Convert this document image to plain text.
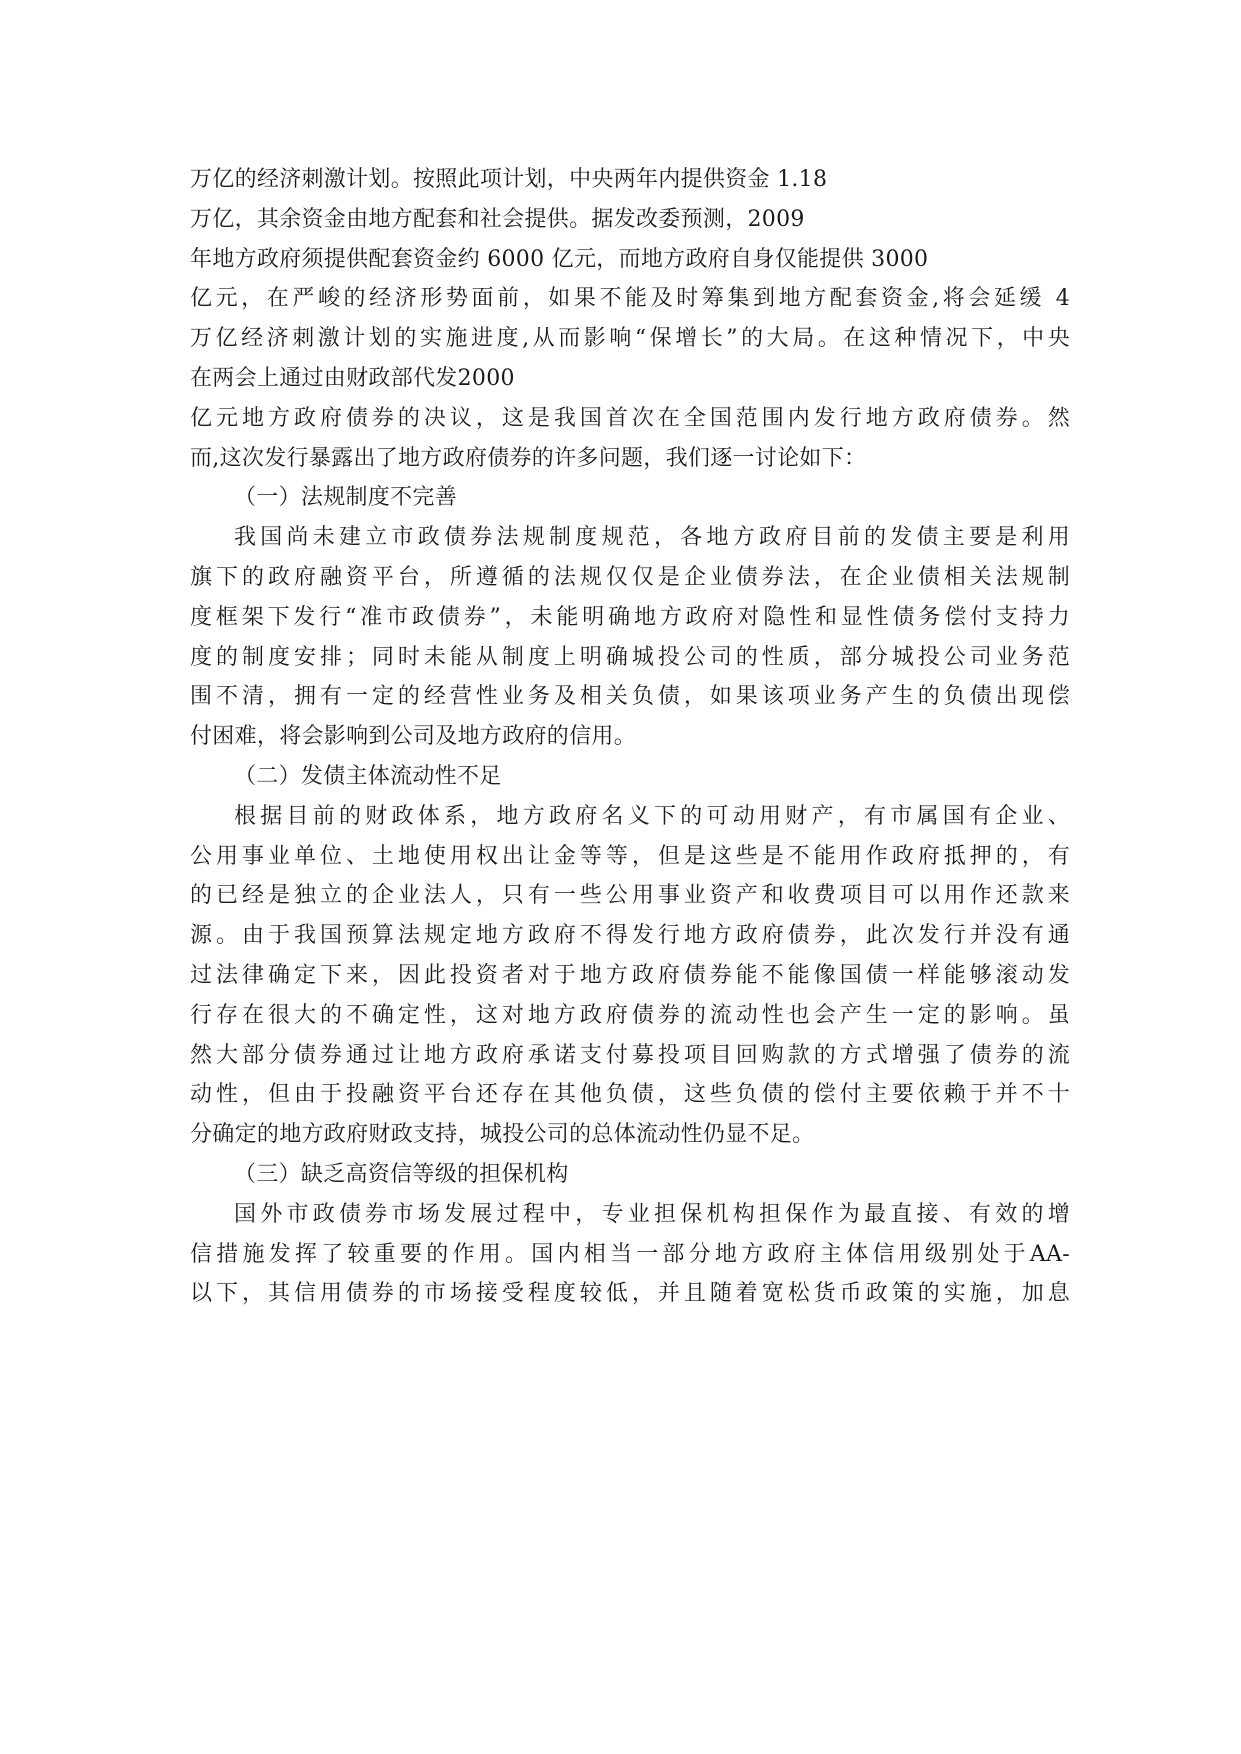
万亿的经济刺激计划。按照此项计划，中央两年内提供资金 1.18
万亿，其余资金由地方配套和社会提供。据发改委预测，2009
年地方政府须提供配套资金约 6000 亿元，而地方政府自身仅能提供 3000
亿元，在严峻的经济形势面前，如果不能及时筹集到地方配套资金,将会延缓 4
万亿经济刺激计划的实施进度,从而影响“保增长”的大局。在这种情况下，中央
在两会上通过由财政部代发2000
亿元地方政府债券的决议，这是我国首次在全国范围内发行地方政府债券。然
而,这次发行暴露出了地方政府债券的许多问题，我们逐一讨论如下：
（一）法规制度不完善
我国尚未建立市政债券法规制度规范，各地方政府目前的发债主要是利用
旗下的政府融资平台，所遵循的法规仅仅是企业债券法，在企业债相关法规制
度框架下发行“准市政债券”，未能明确地方政府对隐性和显性债务偿付支持力
度的制度安排；同时未能从制度上明确城投公司的性质，部分城投公司业务范
围不清，拥有一定的经营性业务及相关负债，如果该项业务产生的负债出现偿
付困难，将会影响到公司及地方政府的信用。
（二）发债主体流动性不足
根据目前的财政体系，地方政府名义下的可动用财产，有市属国有企业、
公用事业单位、土地使用权出让金等等，但是这些是不能用作政府抵押的，有
的已经是独立的企业法人，只有一些公用事业资产和收费项目可以用作还款来
源。由于我国预算法规定地方政府不得发行地方政府债券，此次发行并没有通
过法律确定下来，因此投资者对于地方政府债券能不能像国债一样能够滚动发
行存在很大的不确定性，这对地方政府债券的流动性也会产生一定的影响。虽
然大部分债券通过让地方政府承诺支付募投项目回购款的方式增强了债券的流
动性，但由于投融资平台还存在其他负债，这些负债的偿付主要依赖于并不十
分确定的地方政府财政支持，城投公司的总体流动性仍显不足。
（三）缺乏高资信等级的担保机构
国外市政债券市场发展过程中，专业担保机构担保作为最直接、有效的增
信措施发挥了较重要的作用。国内相当一部分地方政府主体信用级别处于AA-
以下，其信用债券的市场接受程度较低，并且随着宽松货币政策的实施，加息
